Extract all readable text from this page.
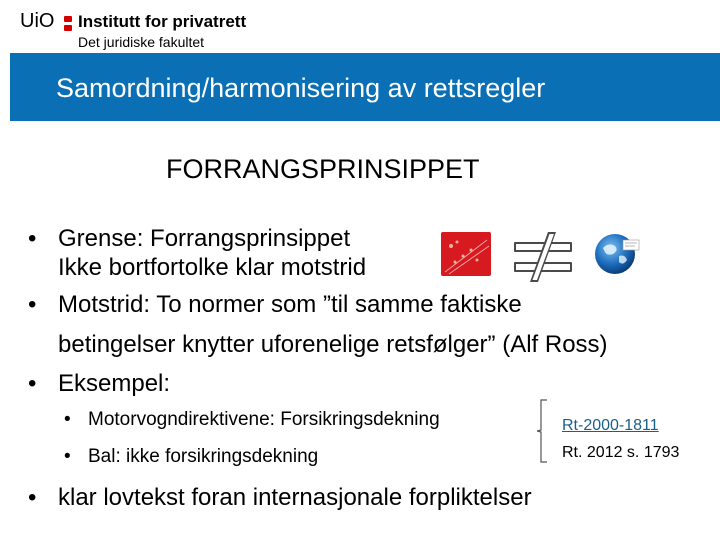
UiO Institutt for privatrett
Det juridiske fakultet
Samordning/harmonisering av rettsregler
FORRANGSPRINSIPPET
• Grense: Forrangsprinsippet
Ikke bortfortolke klar motstrid
• Motstrid: To normer som ”til samme faktiske
betingelser knytter uforenelige retsfølger” (Alf Ross)
• Eksempel:
• Motorvogndirektivene: Forsikringsdekning
• Bal: ikke forsikringsdekning
Rt-2000-1811
Rt. 2012 s. 1793
• klar lovtekst foran internasjonale forpliktelser
